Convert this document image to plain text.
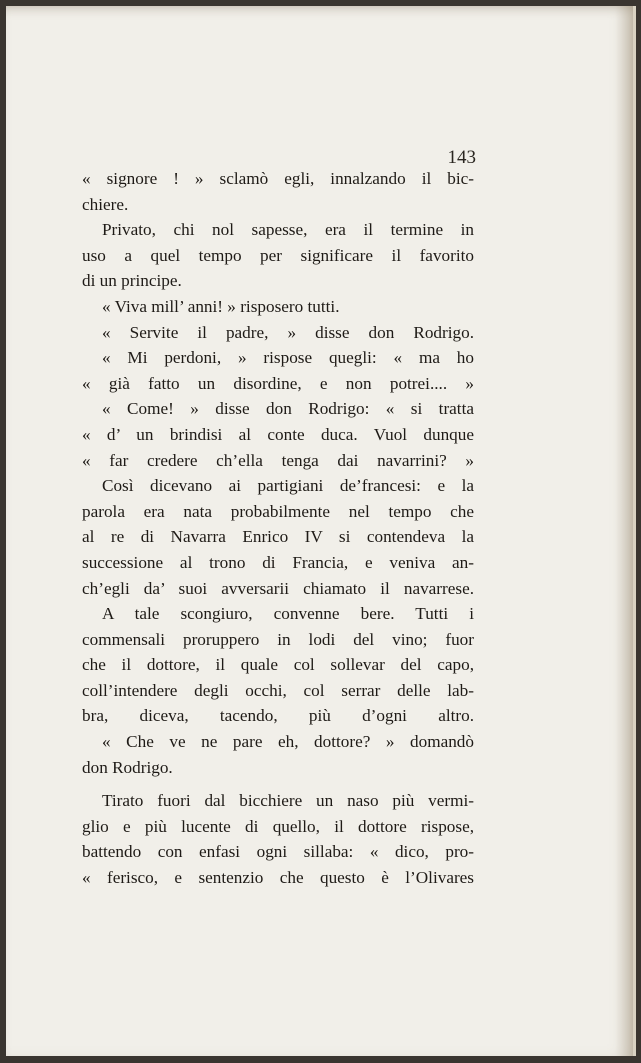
143
« signore ! » sclamò egli, innalzando il bic-
chiere.
Privato, chi nol sapesse, era il termine in
uso a quel tempo per significare il favorito
di un principe.
« Viva mill’ anni! » risposero tutti.
« Servite il padre, » disse don Rodrigo.
« Mi perdoni, » rispose quegli: « ma ho
« già fatto un disordine, e non potrei.... »
« Come! » disse don Rodrigo: « si tratta
« d’ un brindisi al conte duca. Vuol dunque
« far credere ch’ella tenga dai navarrini? »
Così dicevano ai partigiani de’francesi: e la
parola era nata probabilmente nel tempo che
al re di Navarra Enrico IV si contendeva la
successione al trono di Francia, e veniva an-
ch’egli da’ suoi avversarii chiamato il navarrese.
A tale scongiuro, convenne bere. Tutti i
commensali proruppero in lodi del vino; fuor
che il dottore, il quale col sollevar del capo,
coll’intendere degli occhi, col serrar delle lab-
bra, diceva, tacendo, più d’ogni altro.
« Che ve ne pare eh, dottore? » domandò
don Rodrigo.
Tirato fuori dal bicchiere un naso più vermi-
glio e più lucente di quello, il dottore rispose,
battendo con enfasi ogni sillaba: « dico, pro-
« ferisco, e sentenzio che questo è l’Olivares
